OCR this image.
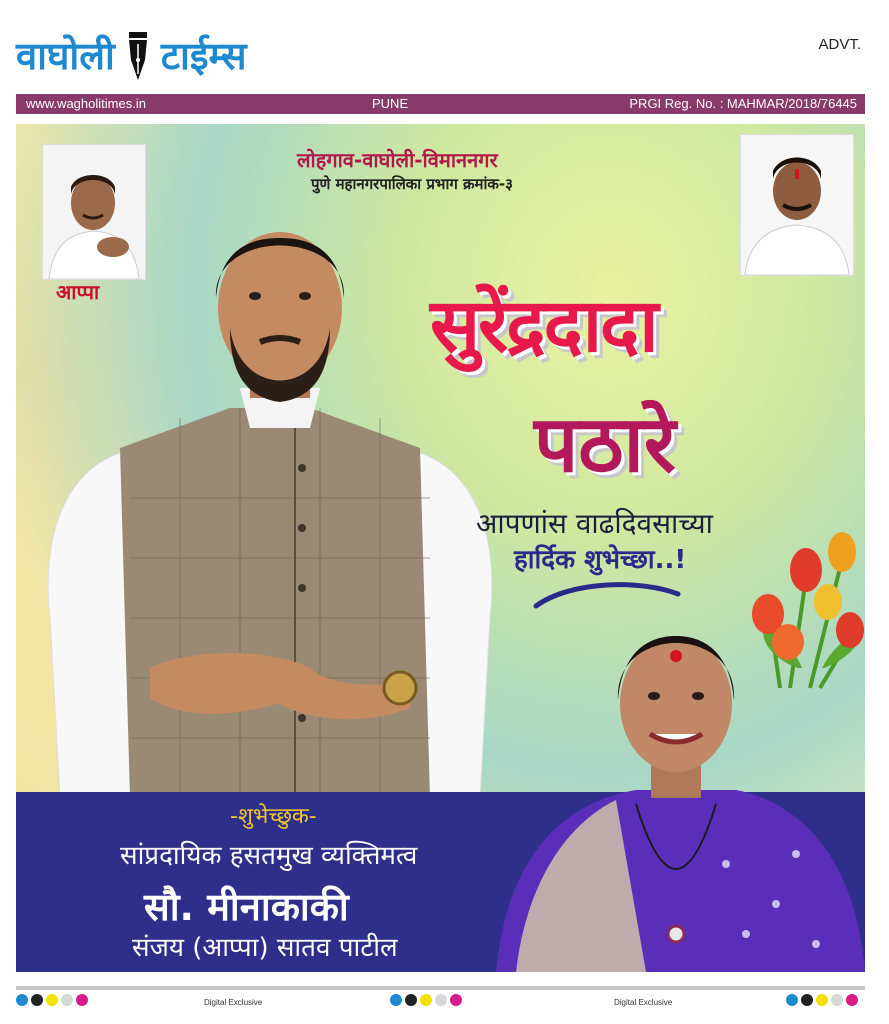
वाघोली टाईम्स	ADVT.
www.wagholitimes.in	PUNE	PRGI Reg. No. : MAHMAR/2018/76445
आप्पा
लोहगाव-वाघोली-विमाननगर
पुणे महानगरपालिका प्रभाग क्रमांक-३
सुरेंद्रदादा
पठारे
आपणांस वाढदिवसाच्या
हार्दिक शुभेच्छा..!
-शुभेच्छुक-
सांप्रदायिक हसतमुख व्यक्तिमत्व
सौ. मीनाकाकी
संजय (आप्पा) सातव पाटील
Digital Exclusive	Digital Exclusive
